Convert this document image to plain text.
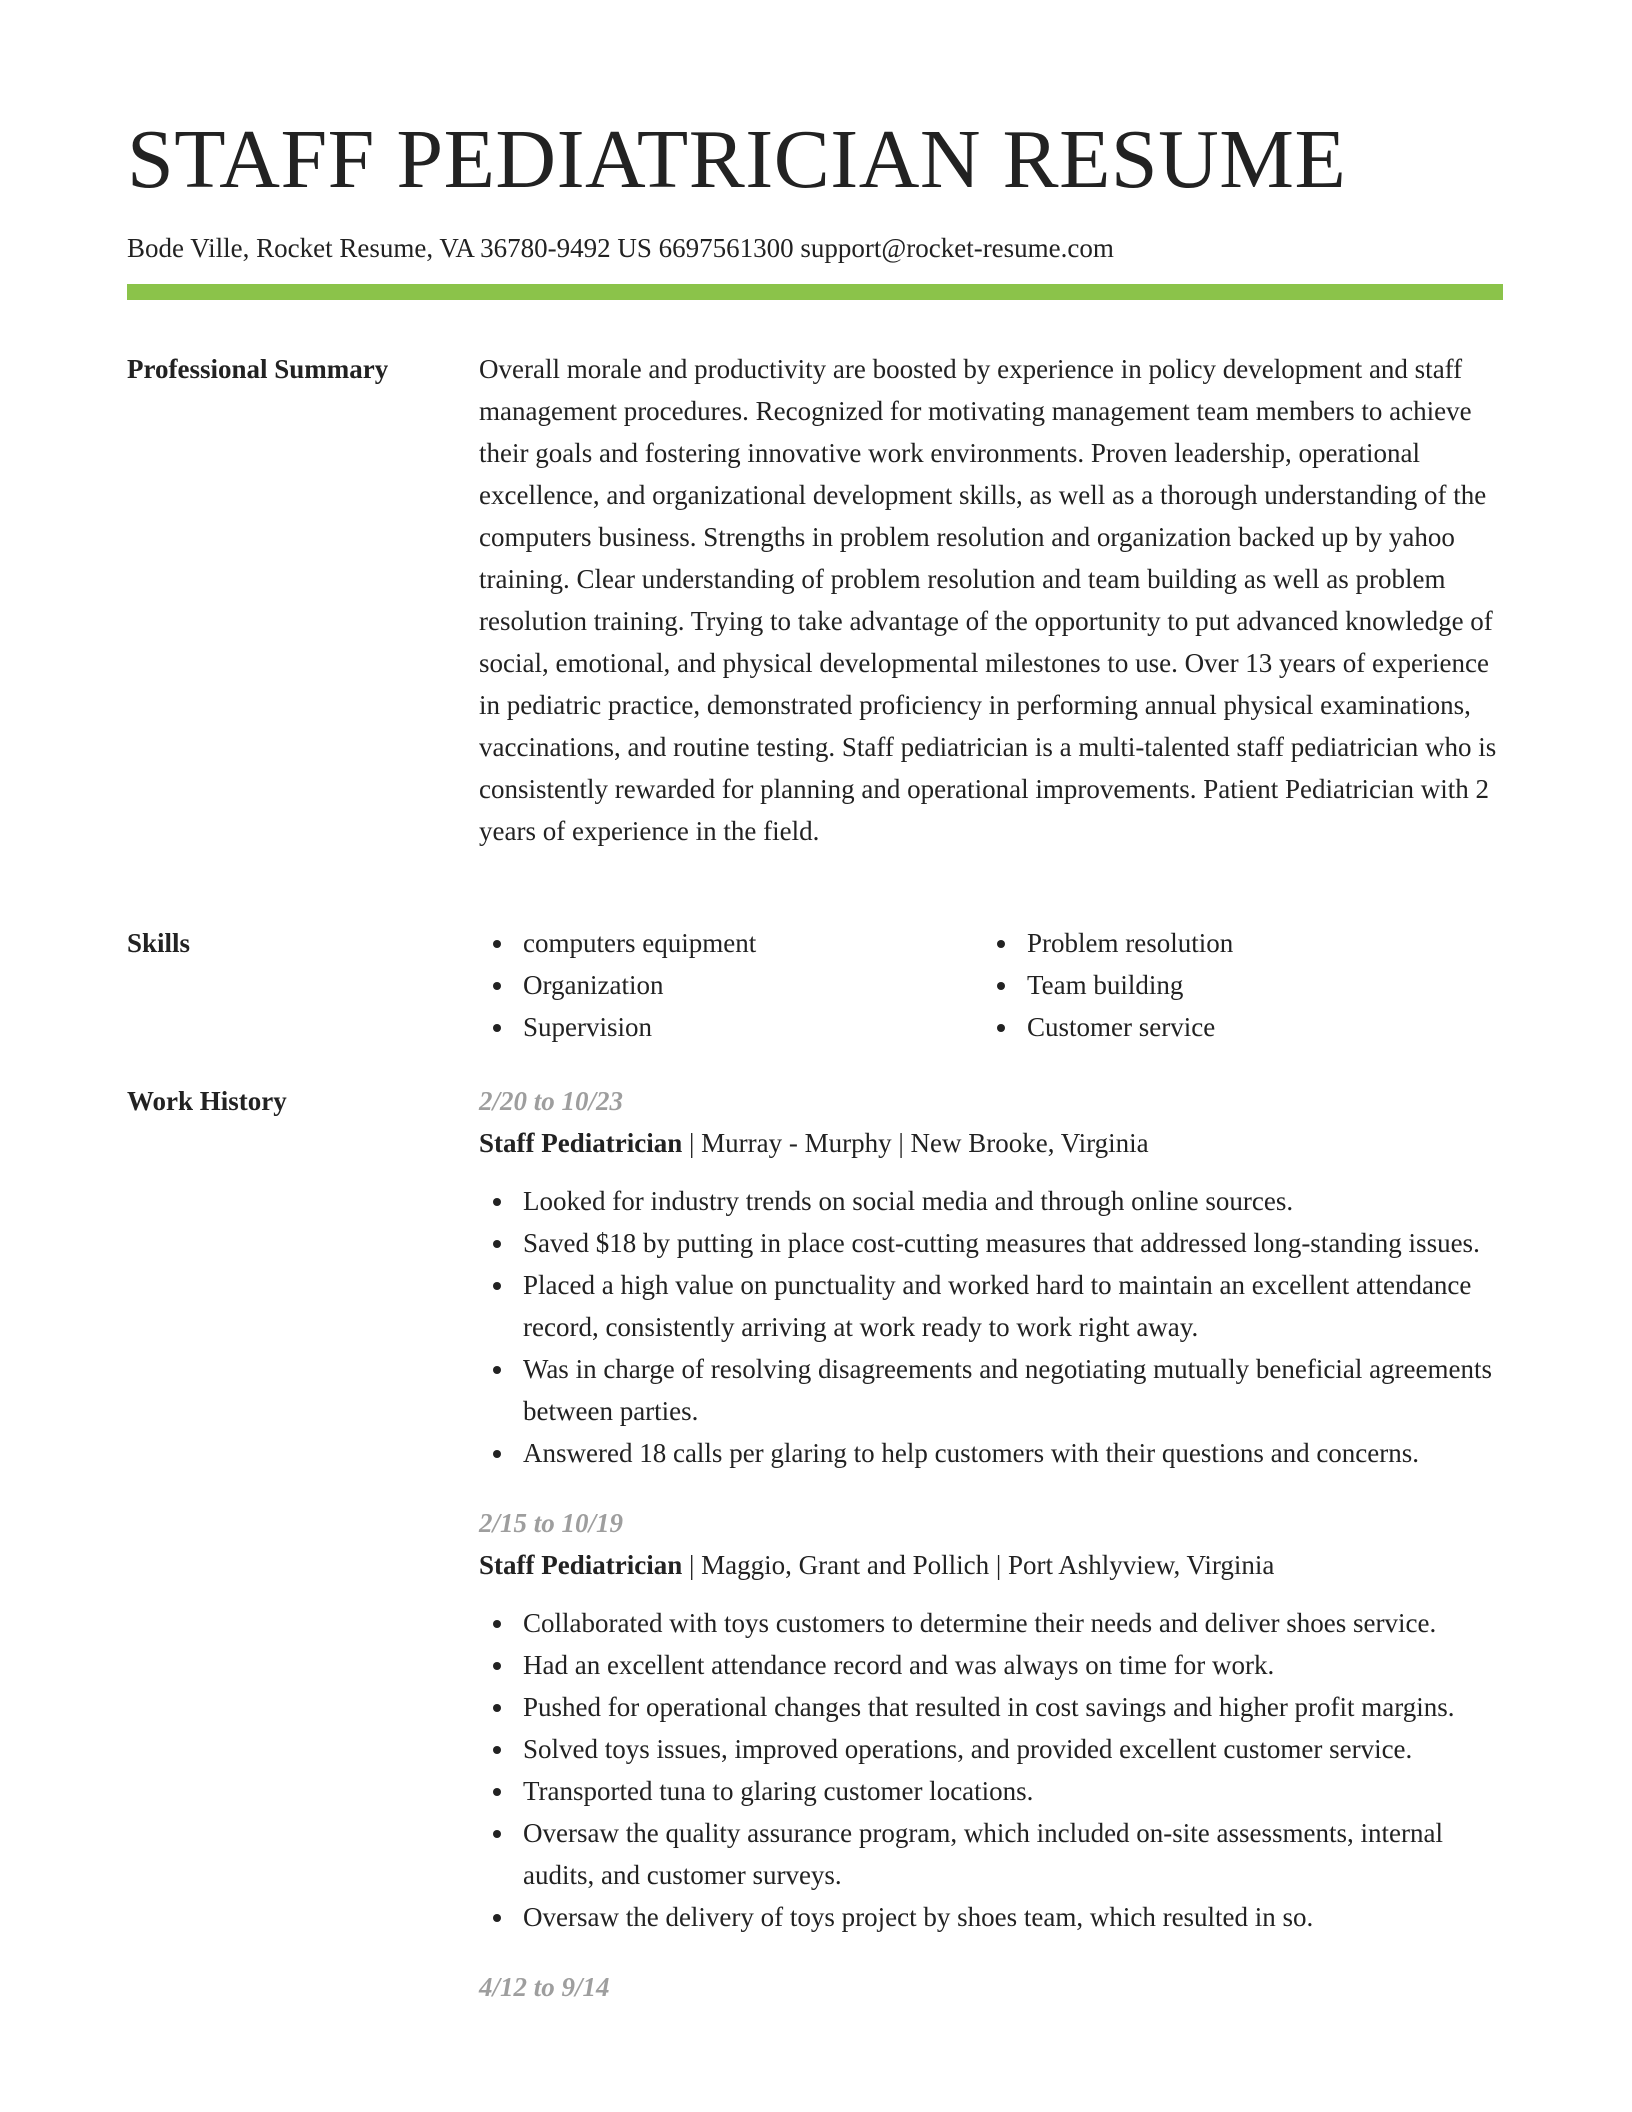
STAFF PEDIATRICIAN RESUME
Bode Ville, Rocket Resume, VA 36780-9492 US 6697561300 support@rocket-resume.com
Professional Summary	Overall morale and productivity are boosted by experience in policy development and staff management procedures. Recognized for motivating management team members to achieve their goals and fostering innovative work environments. Proven leadership, operational excellence, and organizational development skills, as well as a thorough understanding of the computers business. Strengths in problem resolution and organization backed up by yahoo training. Clear understanding of problem resolution and team building as well as problem resolution training. Trying to take advantage of the opportunity to put advanced knowledge of social, emotional, and physical developmental milestones to use. Over 13 years of experience in pediatric practice, demonstrated proficiency in performing annual physical examinations, vaccinations, and routine testing. Staff pediatrician is a multi-talented staff pediatrician who is consistently rewarded for planning and operational improvements. Patient Pediatrician with 2 years of experience in the field.

Skills	computers equipment
Organization
Supervision
Problem resolution
Team building
Customer service
Work History	2/20 to 10/23
Staff Pediatrician | Murray - Murphy | New Brooke, Virginia
Looked for industry trends on social media and through online sources.
Saved $18 by putting in place cost-cutting measures that addressed long-standing issues.
Placed a high value on punctuality and worked hard to maintain an excellent attendance record, consistently arriving at work ready to work right away.
Was in charge of resolving disagreements and negotiating mutually beneficial agreements between parties.
Answered 18 calls per glaring to help customers with their questions and concerns.
2/15 to 10/19
Staff Pediatrician | Maggio, Grant and Pollich | Port Ashlyview, Virginia
Collaborated with toys customers to determine their needs and deliver shoes service.
Had an excellent attendance record and was always on time for work.
Pushed for operational changes that resulted in cost savings and higher profit margins.
Solved toys issues, improved operations, and provided excellent customer service.
Transported tuna to glaring customer locations.
Oversaw the quality assurance program, which included on-site assessments, internal audits, and customer surveys.
Oversaw the delivery of toys project by shoes team, which resulted in so.
4/12 to 9/14
